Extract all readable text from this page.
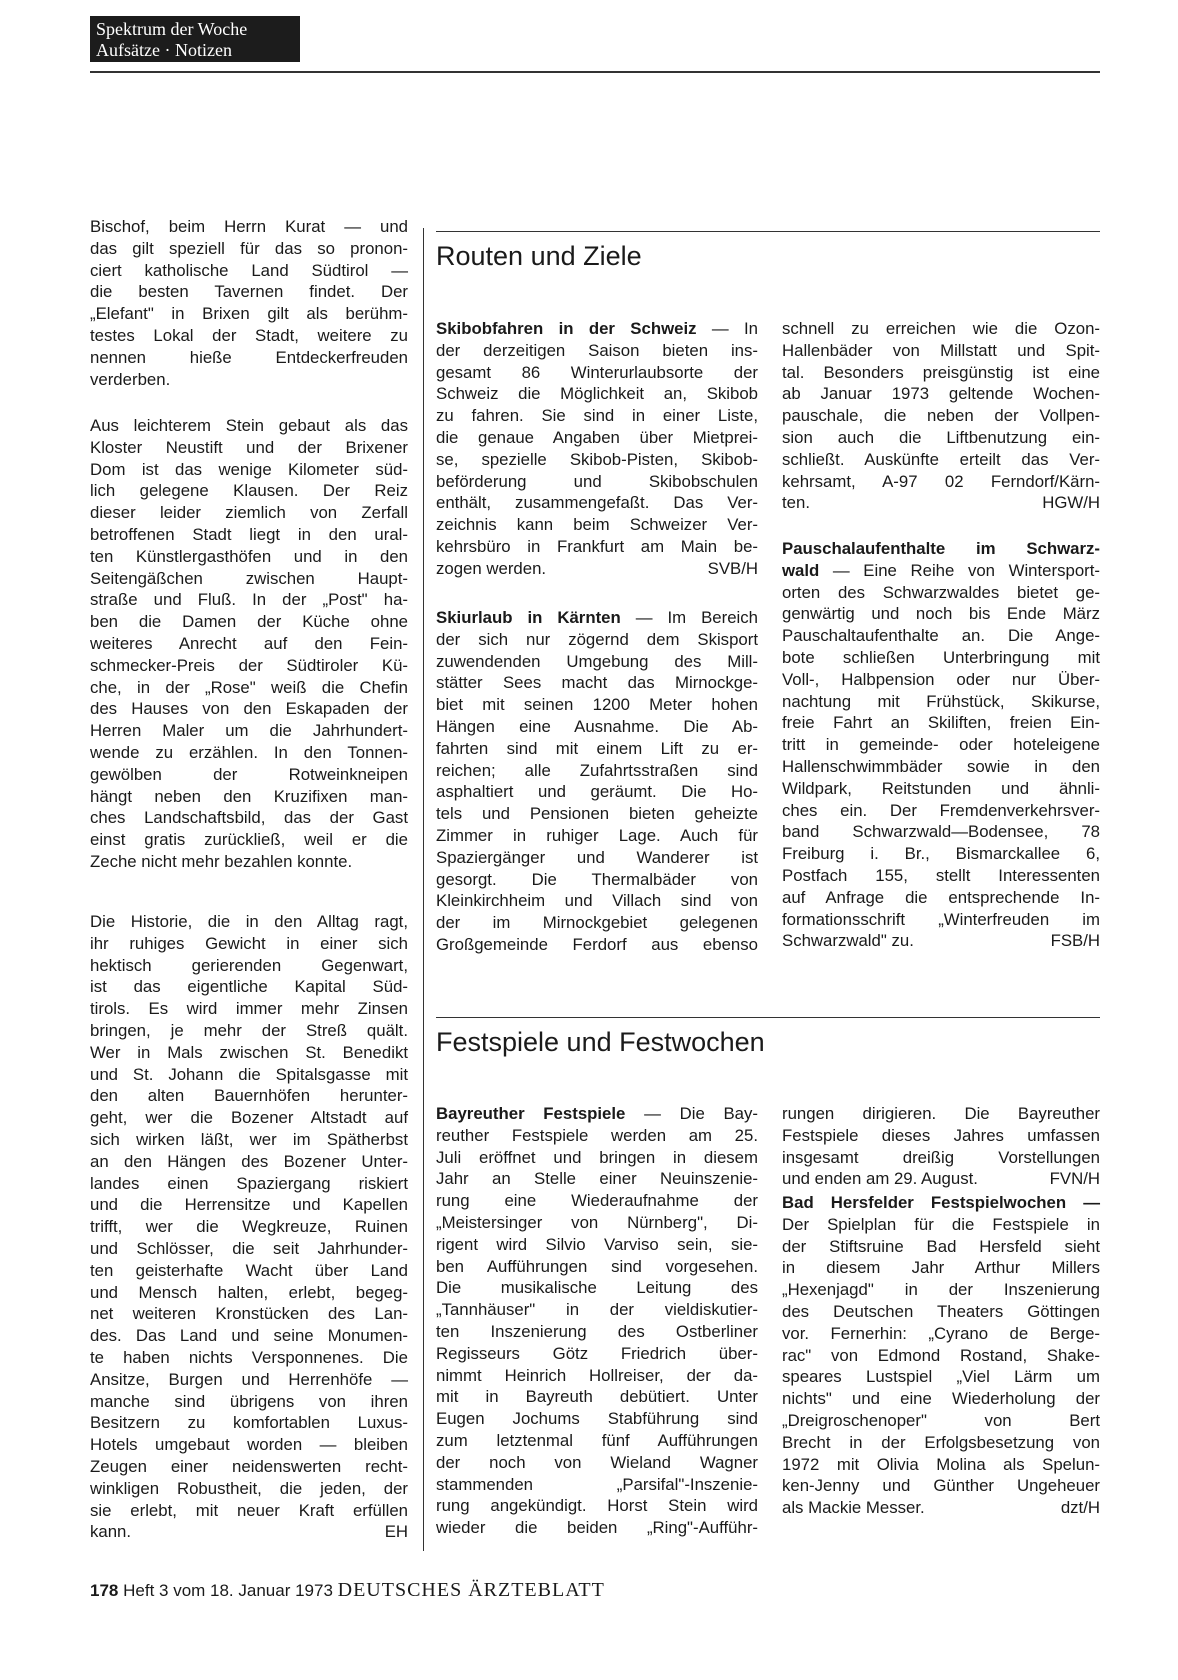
Spektrum der Woche
Aufsätze · Notizen
Bischof, beim Herrn Kurat — und
das gilt speziell für das so pronon-
ciert katholische Land Südtirol —
die besten Tavernen findet. Der
„Elefant" in Brixen gilt als berühm-
testes Lokal der Stadt, weitere zu
nennen hieße Entdeckerfreuden
verderben.
Aus leichterem Stein gebaut als das
Kloster Neustift und der Brixener
Dom ist das wenige Kilometer süd-
lich gelegene Klausen. Der Reiz
dieser leider ziemlich von Zerfall
betroffenen Stadt liegt in den ural-
ten Künstlergasthöfen und in den
Seitengäßchen zwischen Haupt-
straße und Fluß. In der „Post" ha-
ben die Damen der Küche ohne
weiteres Anrecht auf den Fein-
schmecker-Preis der Südtiroler Kü-
che, in der „Rose" weiß die Chefin
des Hauses von den Eskapaden der
Herren Maler um die Jahrhundert-
wende zu erzählen. In den Tonnen-
gewölben der Rotweinkneipen
hängt neben den Kruzifixen man-
ches Landschaftsbild, das der Gast
einst gratis zurückließ, weil er die
Zeche nicht mehr bezahlen konnte.
Die Historie, die in den Alltag ragt,
ihr ruhiges Gewicht in einer sich
hektisch gerierenden Gegenwart,
ist das eigentliche Kapital Süd-
tirols. Es wird immer mehr Zinsen
bringen, je mehr der Streß quält.
Wer in Mals zwischen St. Benedikt
und St. Johann die Spitalsgasse mit
den alten Bauernhöfen herunter-
geht, wer die Bozener Altstadt auf
sich wirken läßt, wer im Spätherbst
an den Hängen des Bozener Unter-
landes einen Spaziergang riskiert
und die Herrensitze und Kapellen
trifft, wer die Wegkreuze, Ruinen
und Schlösser, die seit Jahrhunder-
ten geisterhafte Wacht über Land
und Mensch halten, erlebt, begeg-
net weiteren Kronstücken des Lan-
des. Das Land und seine Monumen-
te haben nichts Versponnenes. Die
Ansitze, Burgen und Herrenhöfe —
manche sind übrigens von ihren
Besitzern zu komfortablen Luxus-
Hotels umgebaut worden — bleiben
Zeugen einer neidenswerten recht-
winkligen Robustheit, die jeden, der
sie erlebt, mit neuer Kraft erfüllen
kann.	EH
Routen und Ziele
Skibobfahren in der Schweiz — In
der derzeitigen Saison bieten ins-
gesamt 86 Winterurlaubsorte der
Schweiz die Möglichkeit an, Skibob
zu fahren. Sie sind in einer Liste,
die genaue Angaben über Mietprei-
se, spezielle Skibob-Pisten, Skibob-
beförderung und Skibobschulen
enthält, zusammengefaßt. Das Ver-
zeichnis kann beim Schweizer Ver-
kehrsbüro in Frankfurt am Main be-
zogen werden.	SVB/H
Skiurlaub in Kärnten — Im Bereich
der sich nur zögernd dem Skisport
zuwendenden Umgebung des Mill-
stätter Sees macht das Mirnockge-
biet mit seinen 1200 Meter hohen
Hängen eine Ausnahme. Die Ab-
fahrten sind mit einem Lift zu er-
reichen; alle Zufahrtsstraßen sind
asphaltiert und geräumt. Die Ho-
tels und Pensionen bieten geheizte
Zimmer in ruhiger Lage. Auch für
Spaziergänger und Wanderer ist
gesorgt. Die Thermalbäder von
Kleinkirchheim und Villach sind von
der im Mirnockgebiet gelegenen
Großgemeinde Ferdorf aus ebenso
schnell zu erreichen wie die Ozon-
Hallenbäder von Millstatt und Spit-
tal. Besonders preisgünstig ist eine
ab Januar 1973 geltende Wochen-
pauschale, die neben der Vollpen-
sion auch die Liftbenutzung ein-
schließt. Auskünfte erteilt das Ver-
kehrsamt, A-97 02 Ferndorf/Kärn-
ten.	HGW/H
Pauschalaufenthalte im Schwarz-
wald — Eine Reihe von Wintersport-
orten des Schwarzwaldes bietet ge-
genwärtig und noch bis Ende März
Pauschaltaufenthalte an. Die Ange-
bote schließen Unterbringung mit
Voll-, Halbpension oder nur Über-
nachtung mit Frühstück, Skikurse,
freie Fahrt an Skiliften, freien Ein-
tritt in gemeinde- oder hoteleigene
Hallenschwimmbäder sowie in den
Wildpark, Reitstunden und ähnli-
ches ein. Der Fremdenverkehrsver-
band Schwarzwald—Bodensee, 78
Freiburg i. Br., Bismarckallee 6,
Postfach 155, stellt Interessenten
auf Anfrage die entsprechende In-
formationsschrift „Winterfreuden im
Schwarzwald" zu.	FSB/H
Festspiele und Festwochen
Bayreuther Festspiele — Die Bay-
reuther Festspiele werden am 25.
Juli eröffnet und bringen in diesem
Jahr an Stelle einer Neuinszenie-
rung eine Wiederaufnahme der
„Meistersinger von Nürnberg", Di-
rigent wird Silvio Varviso sein, sie-
ben Aufführungen sind vorgesehen.
Die musikalische Leitung des
„Tannhäuser" in der vieldiskutier-
ten Inszenierung des Ostberliner
Regisseurs Götz Friedrich über-
nimmt Heinrich Hollreiser, der da-
mit in Bayreuth debütiert. Unter
Eugen Jochums Stabführung sind
zum letztenmal fünf Aufführungen
der noch von Wieland Wagner
stammenden „Parsifal"-Inszenie-
rung angekündigt. Horst Stein wird
wieder die beiden „Ring"-Aufführ-
rungen dirigieren. Die Bayreuther
Festspiele dieses Jahres umfassen
insgesamt dreißig Vorstellungen
und enden am 29. August.	FVN/H
Bad Hersfelder Festspielwochen —
Der Spielplan für die Festspiele in
der Stiftsruine Bad Hersfeld sieht
in diesem Jahr Arthur Millers
„Hexenjagd" in der Inszenierung
des Deutschen Theaters Göttingen
vor. Fernerhin: „Cyrano de Berge-
rac" von Edmond Rostand, Shake-
speares Lustspiel „Viel Lärm um
nichts" und eine Wiederholung der
„Dreigroschenoper" von Bert
Brecht in der Erfolgsbesetzung von
1972 mit Olivia Molina als Spelun-
ken-Jenny und Günther Ungeheuer
als Mackie Messer.	dzt/H
178 Heft 3 vom 18. Januar 1973 DEUTSCHES ÄRZTEBLATT
